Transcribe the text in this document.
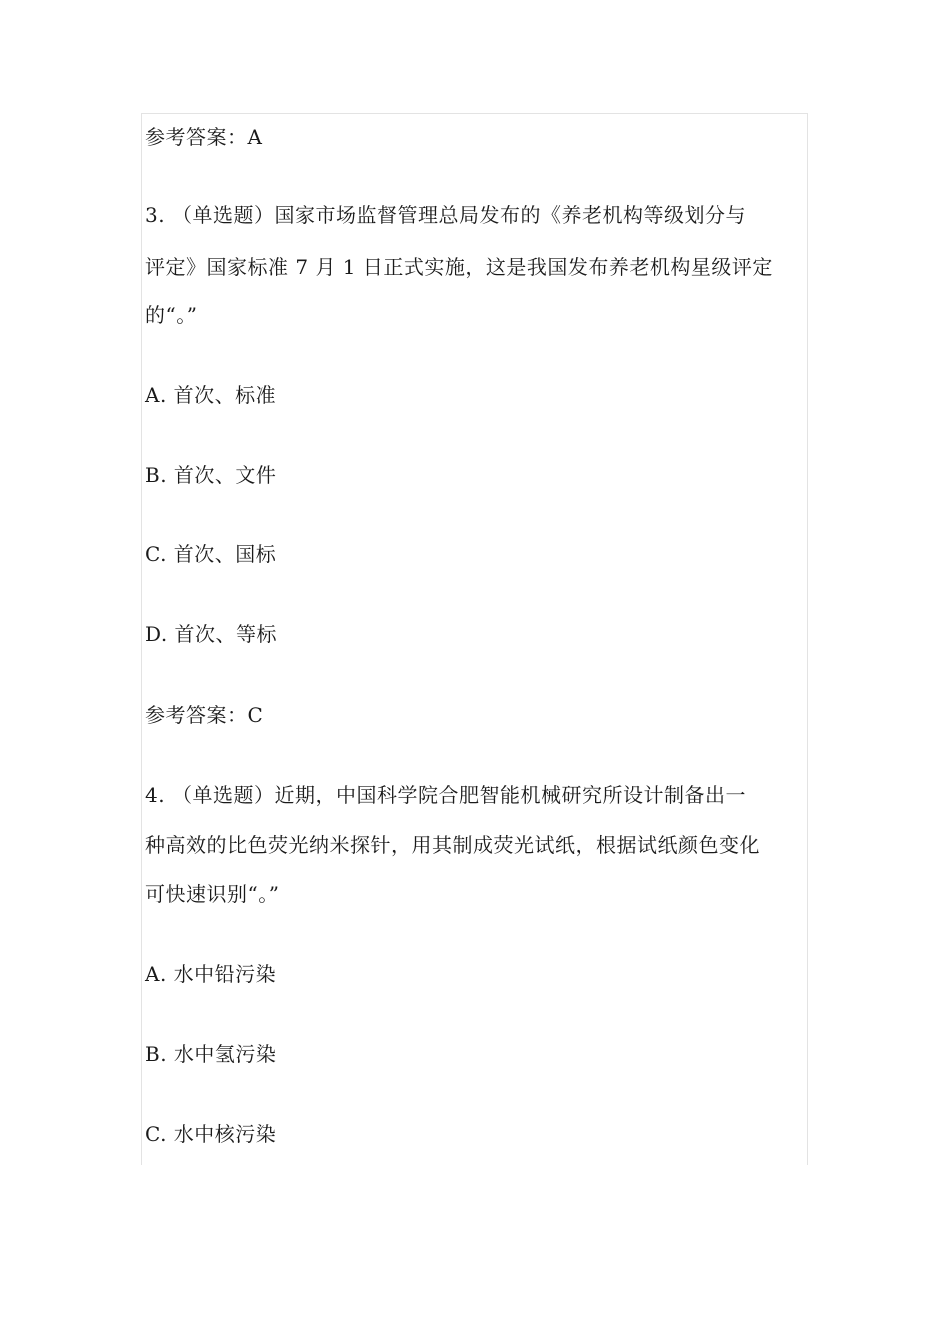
参考答案：A
3. （单选题）国家市场监督管理总局发布的《养老机构等级划分与
评定》国家标准 7 月 1 日正式实施，这是我国发布养老机构星级评定
的“。”
A. 首次、标准
B. 首次、文件
C. 首次、国标
D. 首次、等标
参考答案：C
4. （单选题）近期，中国科学院合肥智能机械研究所设计制备出一
种高效的比色荧光纳米探针，用其制成荧光试纸，根据试纸颜色变化
可快速识别“。”
A. 水中铅污染
B. 水中氢污染
C. 水中核污染
